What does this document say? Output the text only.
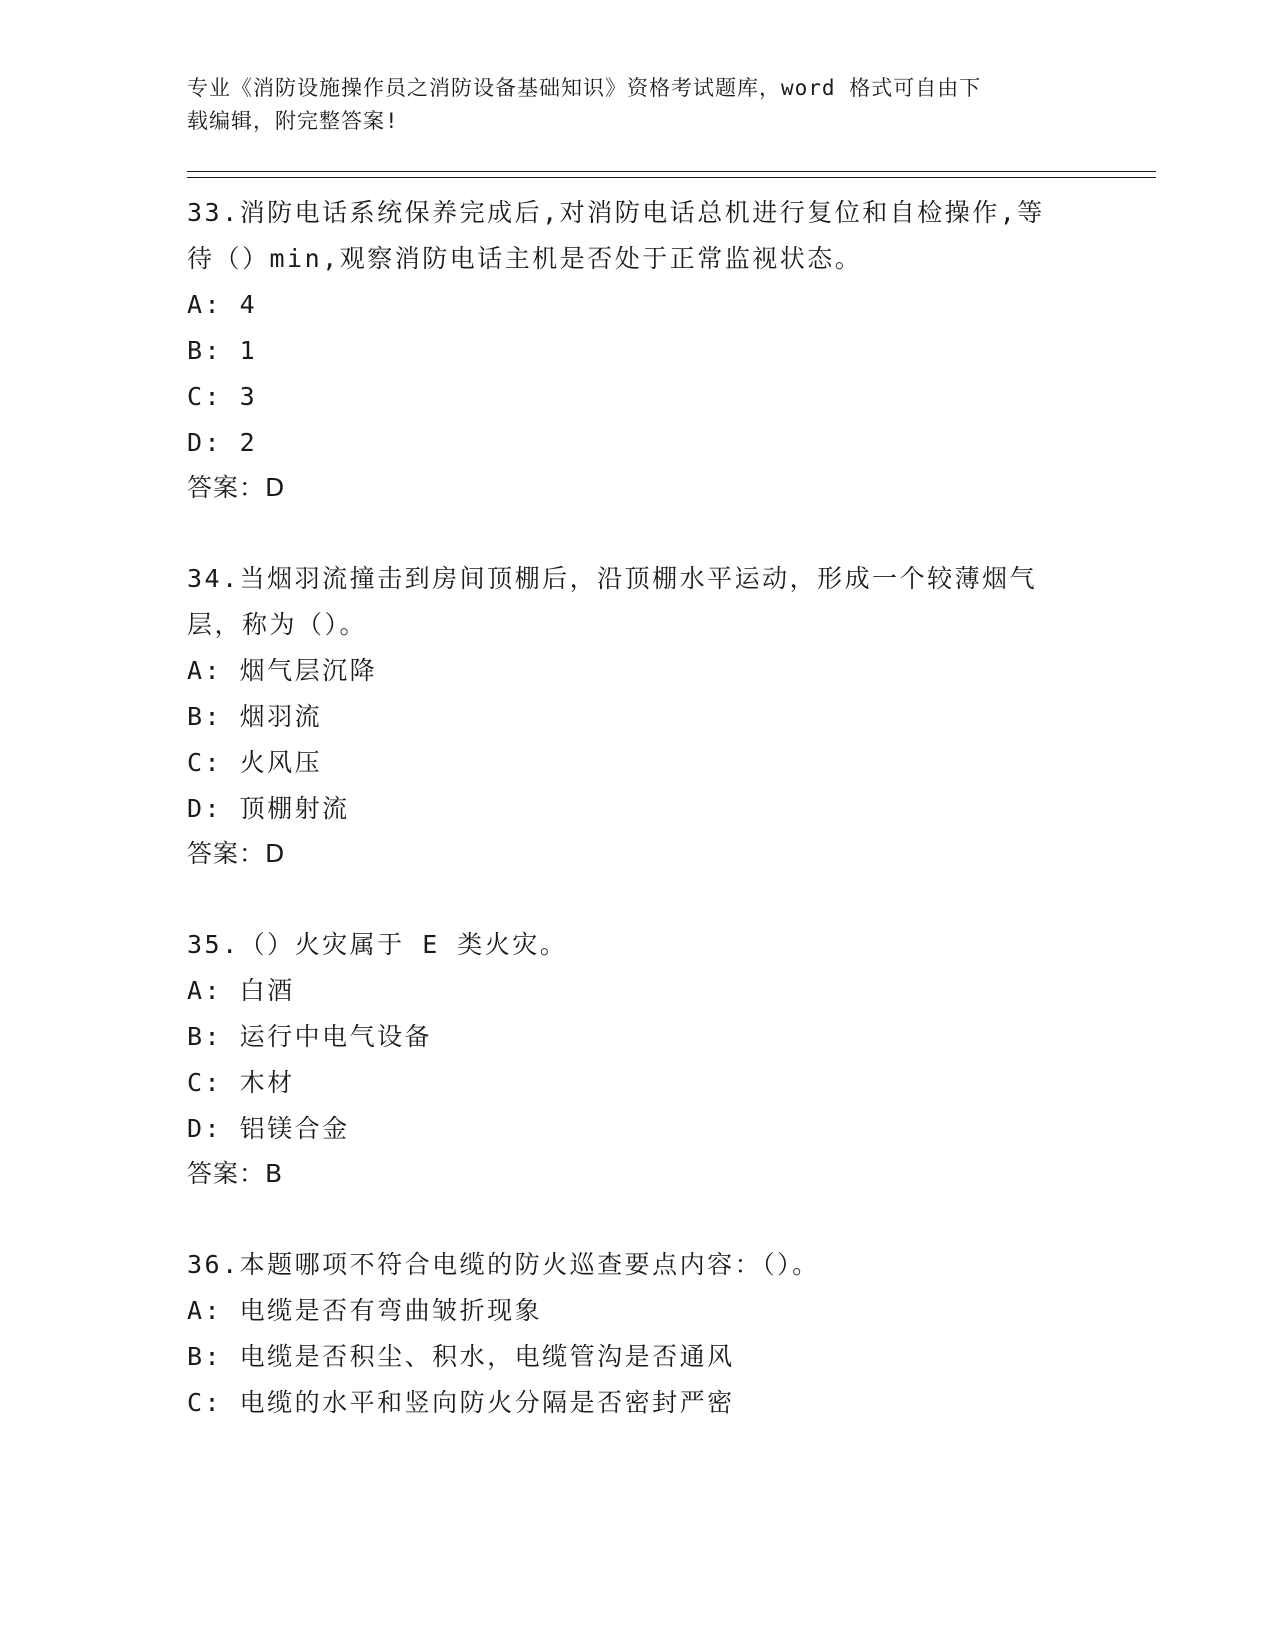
专业《消防设施操作员之消防设备基础知识》资格考试题库，word 格式可自由下
载编辑，附完整答案!

33.消防电话系统保养完成后,对消防电话总机进行复位和自检操作,等

待（）min,观察消防电话主机是否处于正常监视状态。

A: 4

B: 1

C: 3

D: 2

答案：D

34.当烟羽流撞击到房间顶棚后，沿顶棚水平运动，形成一个较薄烟气

层，称为（）。

A: 烟气层沉降

B: 烟羽流

C: 火风压

D: 顶棚射流

答案：D

35.（）火灾属于 E 类火灾。

A: 白酒

B: 运行中电气设备

C: 木材

D: 铝镁合金

答案：B

36.本题哪项不符合电缆的防火巡查要点内容：（）。

A: 电缆是否有弯曲皱折现象

B: 电缆是否积尘、积水，电缆管沟是否通风

C: 电缆的水平和竖向防火分隔是否密封严密
